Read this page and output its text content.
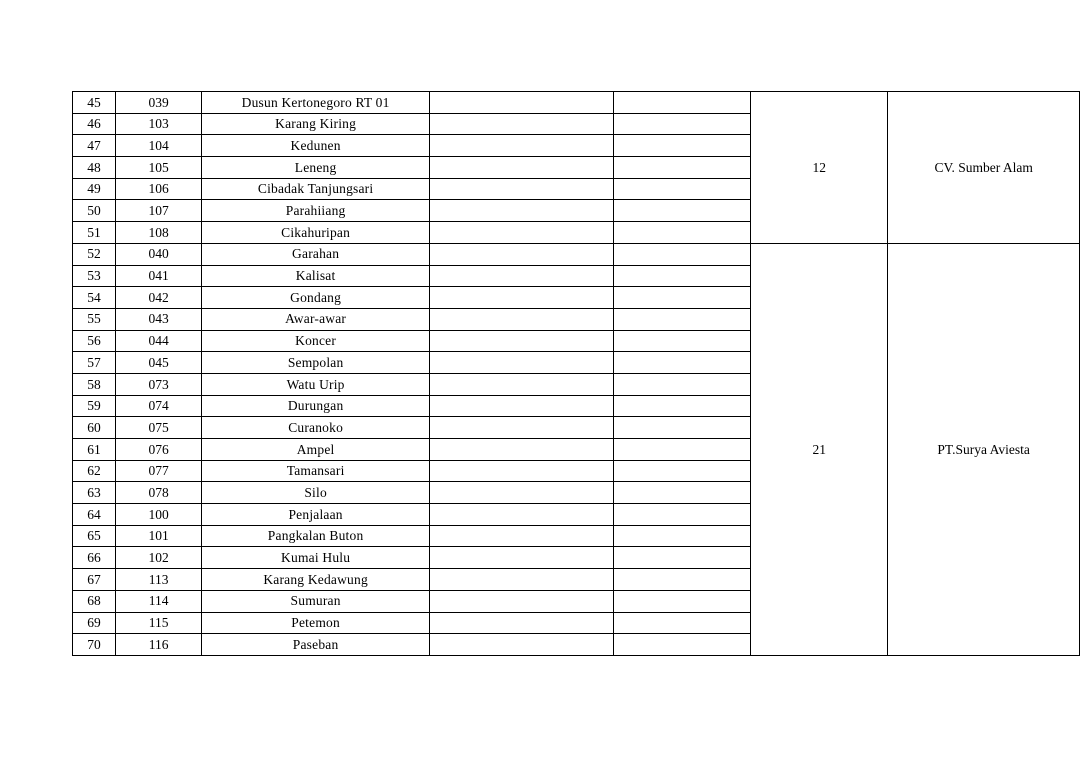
45	039	Dusun Kertonegoro RT 01			12	CV. Sumber Alam
46	103	Karang Kiring				
47	104	Kedunen				
48	105	Leneng				
49	106	Cibadak Tanjungsari				
50	107	Parahiiang				
51	108	Cikahuripan				
52	040	Garahan			21	PT.Surya Aviesta
53	041	Kalisat				
54	042	Gondang				
55	043	Awar-awar				
56	044	Koncer				
57	045	Sempolan				
58	073	Watu Urip				
59	074	Durungan				
60	075	Curanoko				
61	076	Ampel				
62	077	Tamansari				
63	078	Silo				
64	100	Penjalaan				
65	101	Pangkalan Buton				
66	102	Kumai Hulu				
67	113	Karang Kedawung				
68	114	Sumuran				
69	115	Petemon				
70	116	Paseban				
